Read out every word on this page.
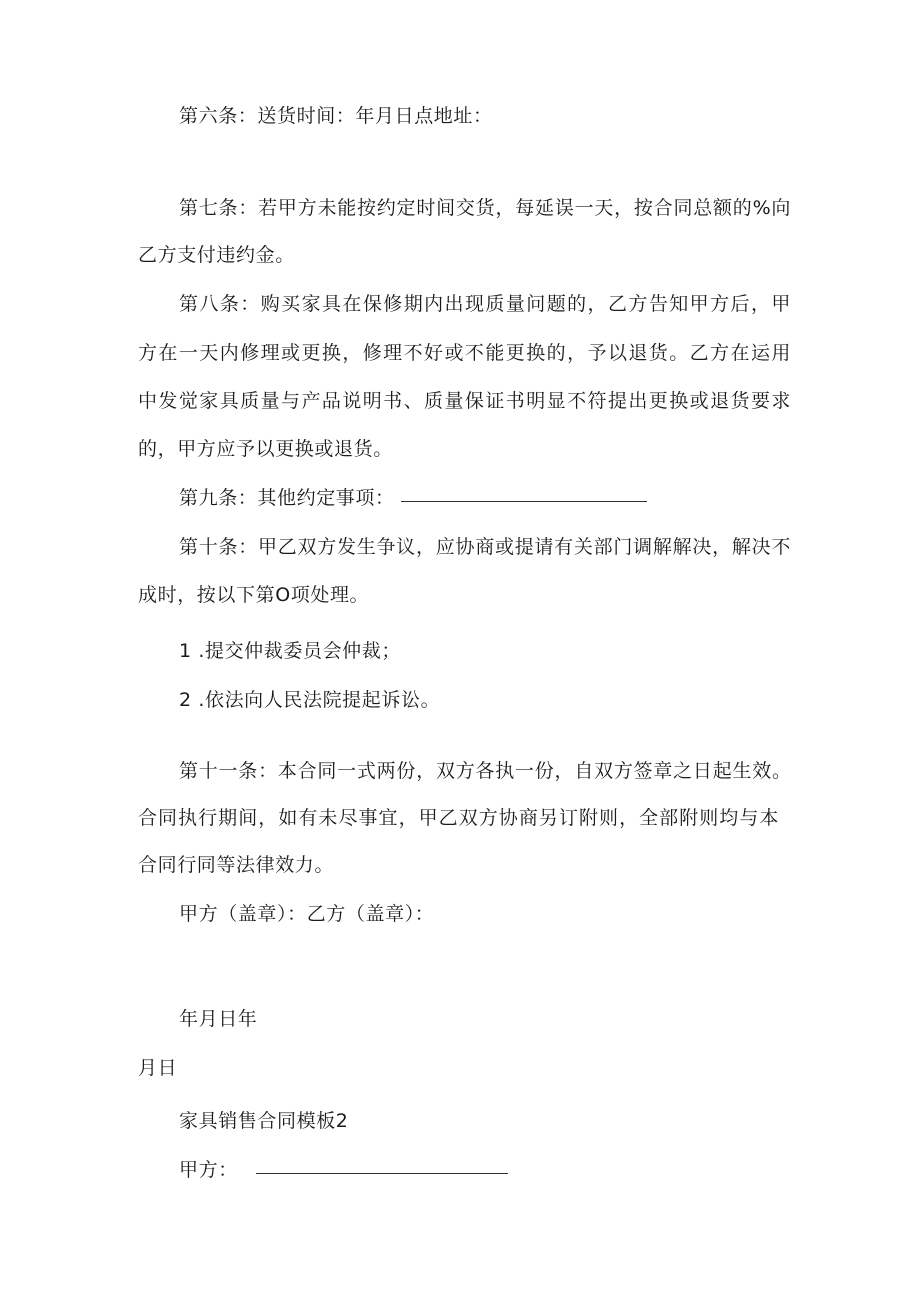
第六条：送货时间：年月日点地址：
第七条：若甲方未能按约定时间交货，每延误一天，按合同总额的%向
乙方支付违约金。
第八条：购买家具在保修期内出现质量问题的，乙方告知甲方后，甲
方在一天内修理或更换，修理不好或不能更换的，予以退货。乙方在运用
中发觉家具质量与产品说明书、质量保证书明显不符提出更换或退货要求
的，甲方应予以更换或退货。
第九条：其他约定事项：
第十条：甲乙双方发生争议，应协商或提请有关部门调解解决，解决不
成时，按以下第O项处理。
1 .提交仲裁委员会仲裁；
2 .依法向人民法院提起诉讼。
第十一条：本合同一式两份，双方各执一份，自双方签章之日起生效。
合同执行期间，如有未尽事宜，甲乙双方协商另订附则，全部附则均与本
合同行同等法律效力。
甲方（盖章）：乙方（盖章）：
年月日年
月日
家具销售合同模板2
甲方：
